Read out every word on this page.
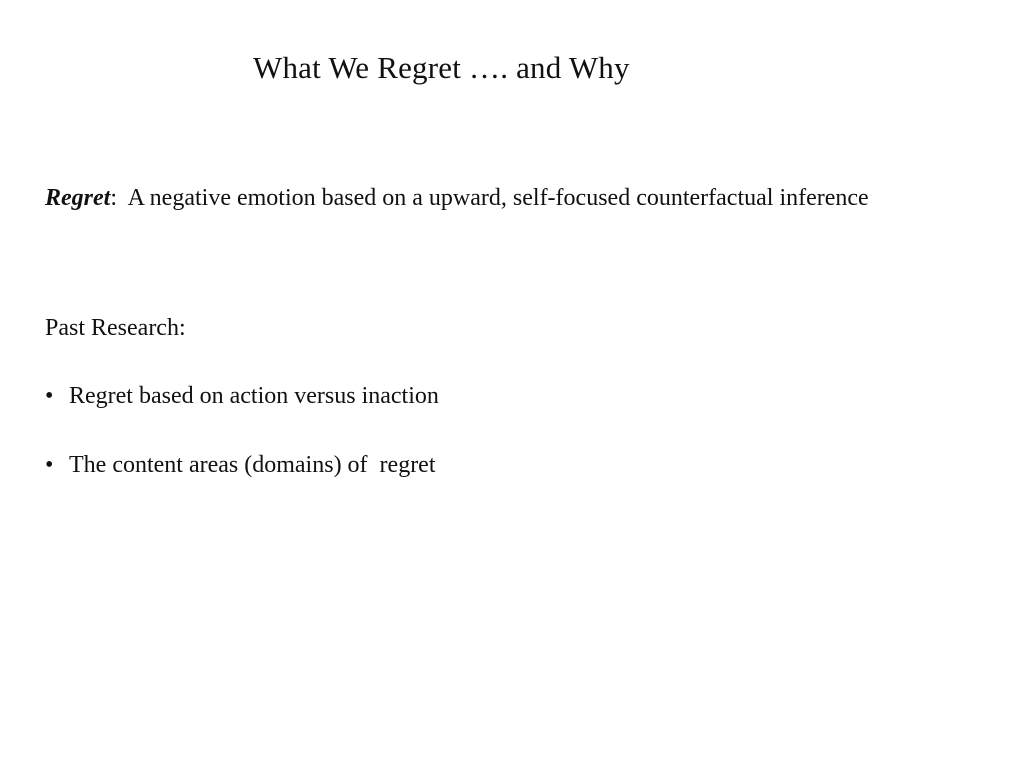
What We Regret …. and Why
Regret:  A negative emotion based on a upward, self-focused counterfactual inference
Past Research:
• Regret based on action versus inaction
• The content areas (domains) of  regret
